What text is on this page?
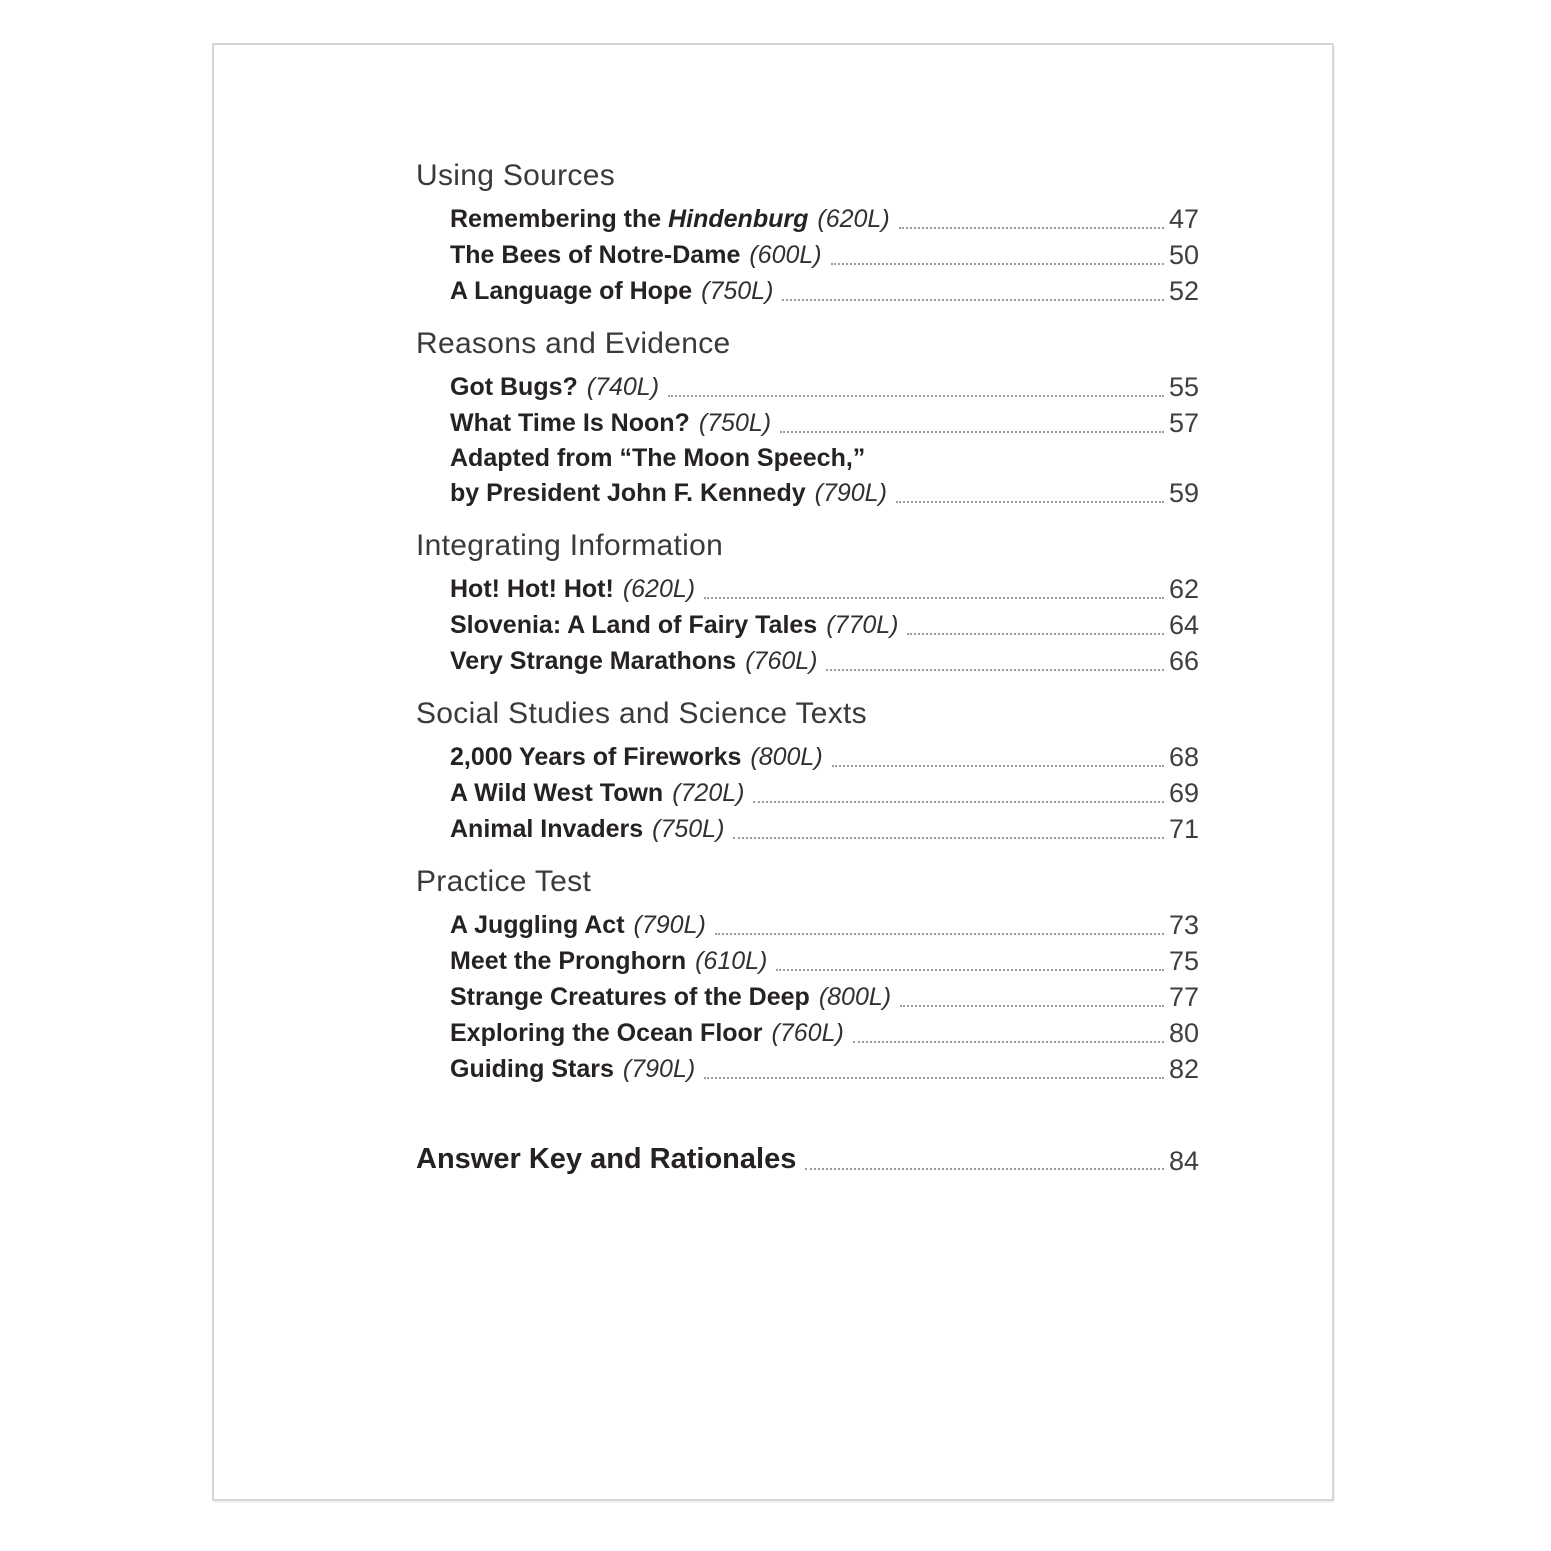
Using Sources
Remembering the Hindenburg (620L)	47
The Bees of Notre-Dame (600L)	50
A Language of Hope (750L)	52
Reasons and Evidence
Got Bugs? (740L)	55
What Time Is Noon? (750L)	57
Adapted from “The Moon Speech,”
by President John F. Kennedy (790L)	59
Integrating Information
Hot! Hot! Hot! (620L)	62
Slovenia: A Land of Fairy Tales (770L)	64
Very Strange Marathons (760L)	66
Social Studies and Science Texts
2,000 Years of Fireworks (800L)	68
A Wild West Town (720L)	69
Animal Invaders (750L)	71
Practice Test
A Juggling Act (790L)	73
Meet the Pronghorn (610L)	75
Strange Creatures of the Deep (800L)	77
Exploring the Ocean Floor (760L)	80
Guiding Stars (790L)	82
Answer Key and Rationales	84
